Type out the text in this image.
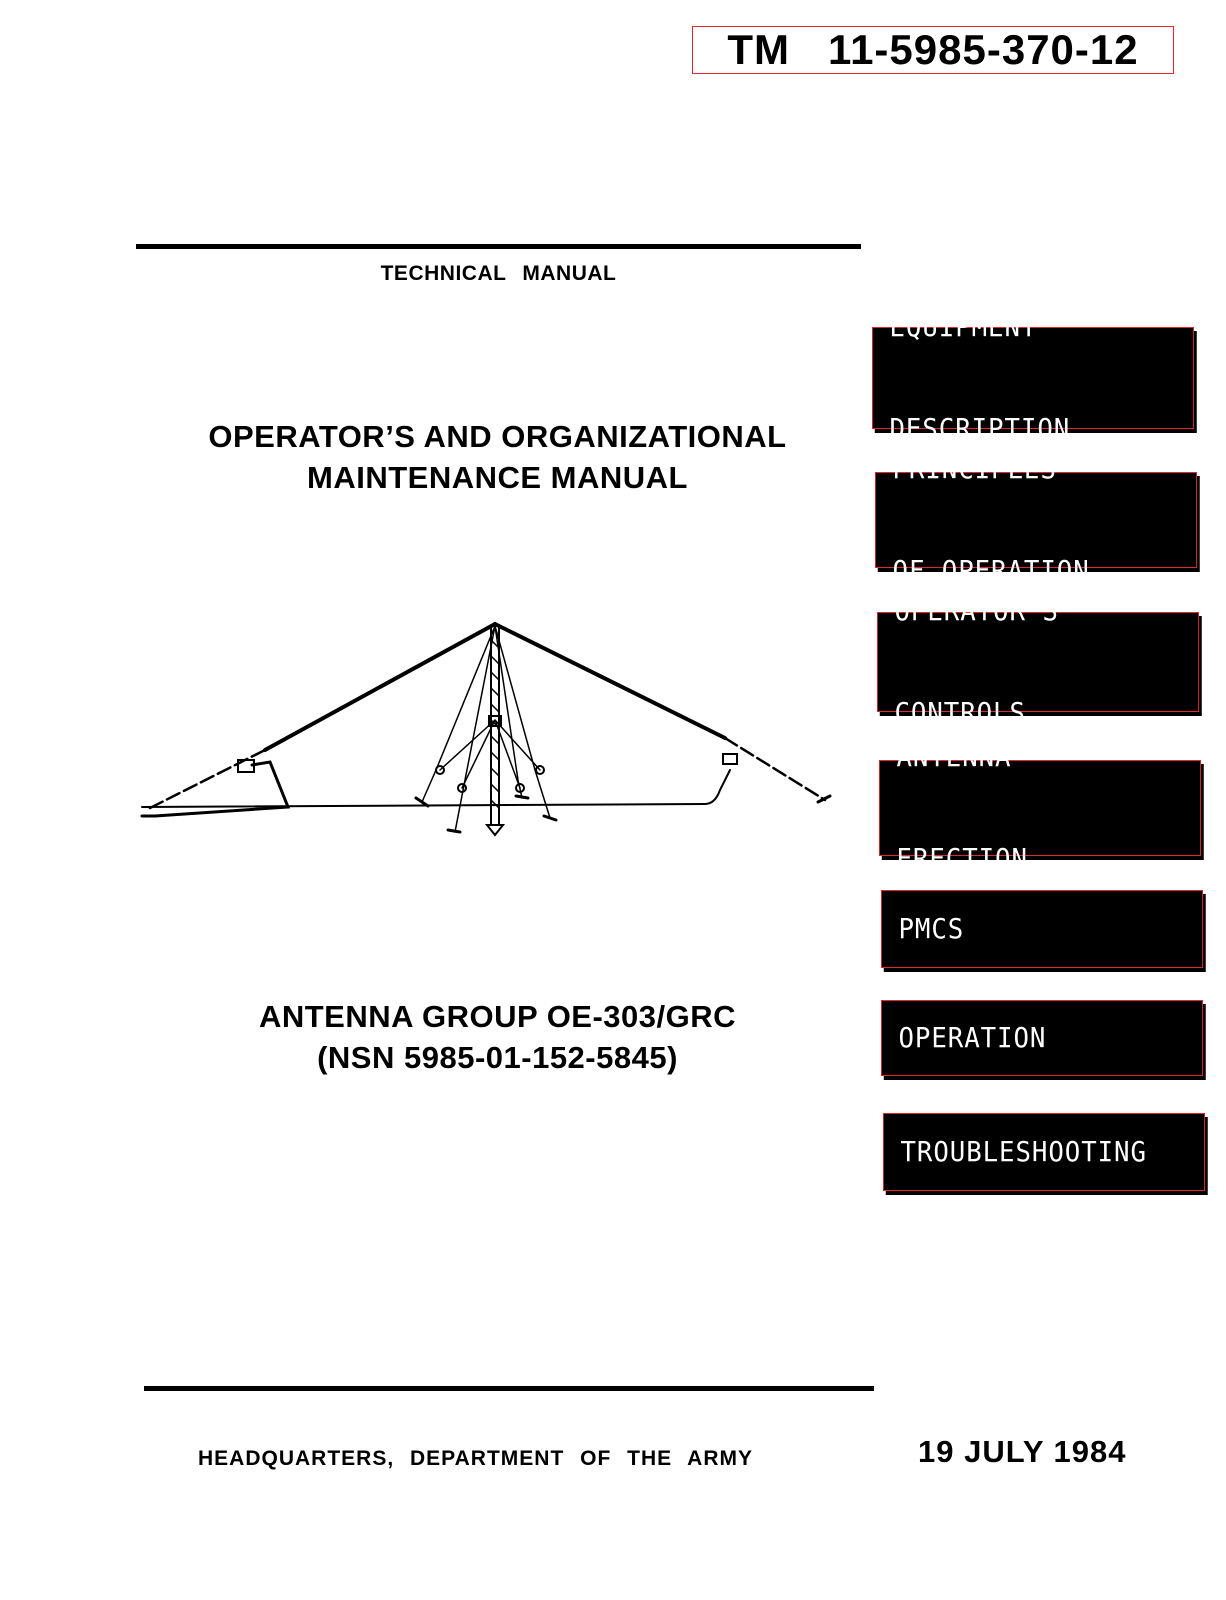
TM   11-5985-370-12
TECHNICAL MANUAL
OPERATOR’S AND ORGANIZATIONAL
MAINTENANCE MANUAL
ANTENNA GROUP OE-303/GRC
(NSN 5985-01-152-5845)
HEADQUARTERS, DEPARTMENT OF THE ARMY	19 JULY 1984

EQUIPMENT

DESCRIPTION

PRINCIPLES

OF OPERATION

OPERATOR'S

CONTROLS

ANTENNA

ERECTION

PMCS
OPERATION
TROUBLESHOOTING
